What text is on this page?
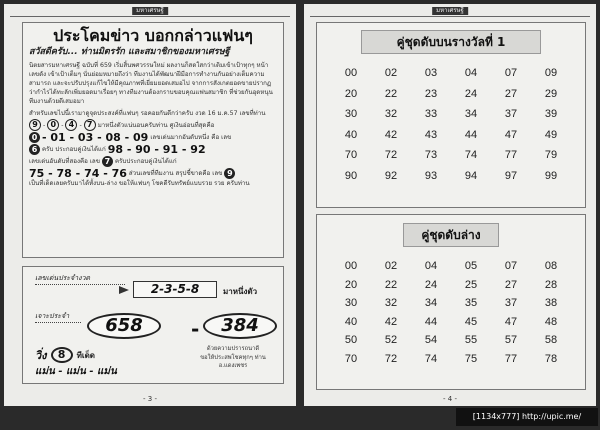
มหาเศรษฐี
ประโคมข่าว บอกกล่าวแฟนๆ
สวัสดีครับ... ท่านมิตรรัก และสมาชิกของมหาเศรษฐี

นิตยสารมหาเศรษฐี ฉบับที่ 659 เริ่มสิ้นพศวรรษใหม่ ผลงานก็สดใสกว่าเดิมเข้าเป้าทุกๆ หน้า เลขดัง เข้าเป้าเต็มๆ นั่นย่อมหมายถึงว่า ทีมงานได้พัฒนาฝีมือการทำงานกันอย่างเต็มความสามารถ และจะปรับปรุงแก้ไขให้มีคุณภาพที่เยี่ยมยอดเสมอไป จากการสังเกตยอดขายปรากฏว่ากำไรได้ทะลักเพิ่มยอดมาเรื่อยๆ ทางทีมงานต้องกราบขอบคุณแฟนสมาชิก ที่ช่วยกันอุดหนุนทีมงานด้วยดีเสมอมา

สำหรับเลขไปนี้เรามาดูจุดประสงค์ที่แฟนๆ รอคอยกันดีกว่าครับ งวด 16 ม.ค.57 เลขที่ท่าน

9 - 0 - 4 - 7 มาหนึ่งตัวแน่นอนครับท่าน ศูเงินอ่อนที่สุดคือ
0 - 01 - 03 - 08 - 09 เลขเด่นมากอันดับหนึ่ง คือ เลข
6 ครับ ประกอบคู่เงินได้แก่ 98 - 90 - 91 - 92
เลขเด่นอันดับที่สองคือ เลข 7 ครับประกอบคู่เงินได้แก่
75 - 78 - 74 - 76 ส่วนเลขที่ทีมงาน สรุปชี้ขาดคือ เลข 9

เป็นที่เด็ดเลยครับมาได้ทั้งบน-ล่าง ขอให้แฟนๆ โชคดีรับทรัพย์แบบรวย รวย ครับท่าน

เลขเด่นประจำงวด
2-3-5-8	มาหนึ่งตัว
เจาะประจำ	658	-	384
วิ่ง	8	ทีเด็ด
แม่น - แม่น - แม่น
ด้วยความปรารถนาดี
ขอให้ประสพโชคทุกๆ ท่าน
อ.แดงเพชร
- 3 -
มหาเศรษฐี
คู่ชุดดับบนรางวัลที่ 1
00	02	03	04	07	09
20	22	23	24	27	29
30	32	33	34	37	39
40	42	43	44	47	49
70	72	73	74	77	79
90	92	93	94	97	99
คู่ชุดดับล่าง
00	02	04	05	07	08
20	22	24	25	27	28
30	32	34	35	37	38
40	42	44	45	47	48
50	52	54	55	57	58
70	72	74	75	77	78
- 4 -
[1134x777] http://upic.me/
